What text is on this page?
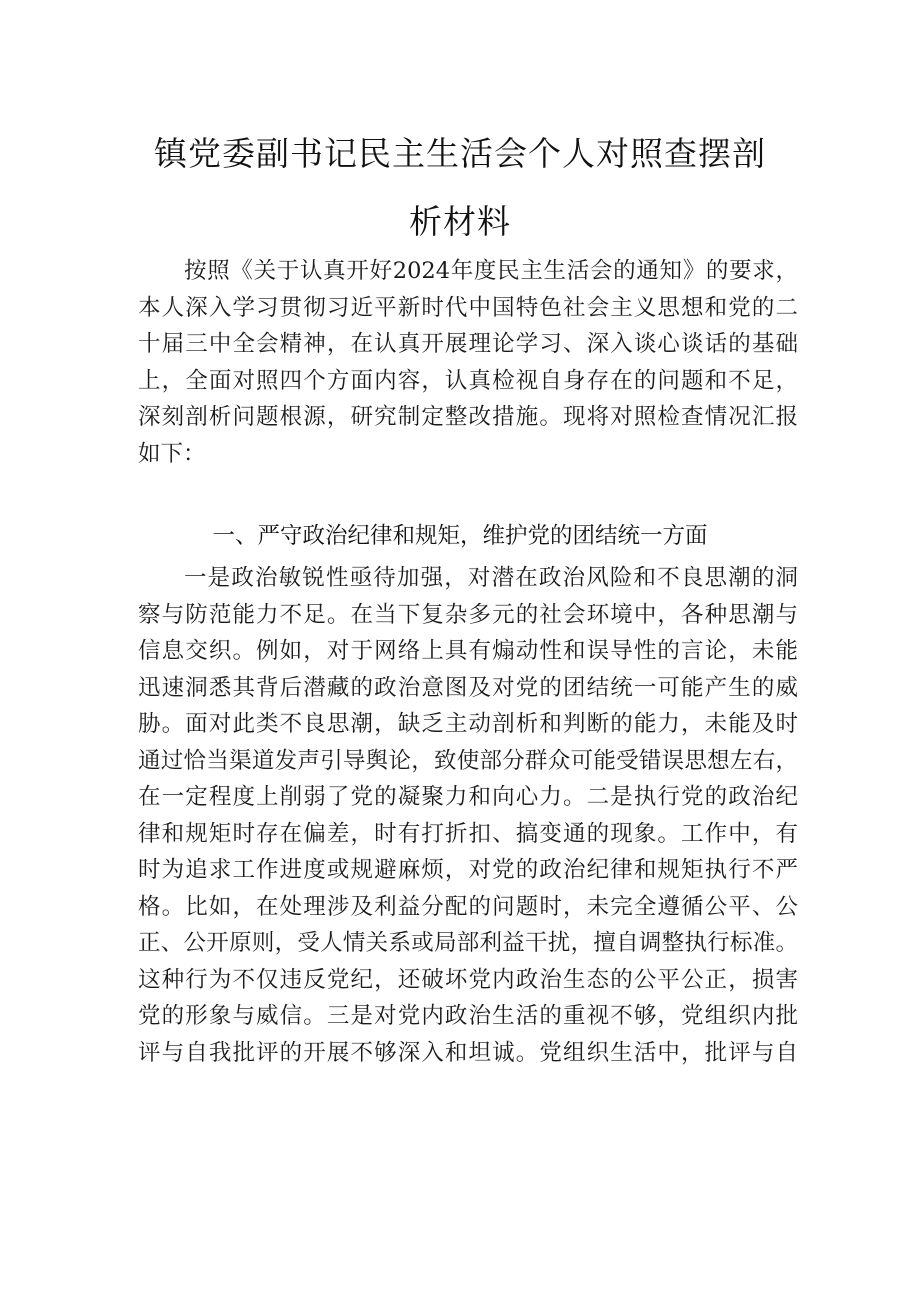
镇党委副书记民主生活会个人对照查摆剖
析材料
按照《关于认真开好2024年度民主生活会的通知》的要求，
本人深入学习贯彻习近平新时代中国特色社会主义思想和党的二
十届三中全会精神，在认真开展理论学习、深入谈心谈话的基础
上，全面对照四个方面内容，认真检视自身存在的问题和不足，
深刻剖析问题根源，研究制定整改措施。现将对照检查情况汇报
如下：
一、严守政治纪律和规矩，维护党的团结统一方面
一是政治敏锐性亟待加强，对潜在政治风险和不良思潮的洞
察与防范能力不足。在当下复杂多元的社会环境中，各种思潮与
信息交织。例如，对于网络上具有煽动性和误导性的言论，未能
迅速洞悉其背后潜藏的政治意图及对党的团结统一可能产生的威
胁。面对此类不良思潮，缺乏主动剖析和判断的能力，未能及时
通过恰当渠道发声引导舆论，致使部分群众可能受错误思想左右，
在一定程度上削弱了党的凝聚力和向心力。二是执行党的政治纪
律和规矩时存在偏差，时有打折扣、搞变通的现象。工作中，有
时为追求工作进度或规避麻烦，对党的政治纪律和规矩执行不严
格。比如，在处理涉及利益分配的问题时，未完全遵循公平、公
正、公开原则，受人情关系或局部利益干扰，擅自调整执行标准。
这种行为不仅违反党纪，还破坏党内政治生态的公平公正，损害
党的形象与威信。三是对党内政治生活的重视不够，党组织内批
评与自我批评的开展不够深入和坦诚。党组织生活中，批评与自
